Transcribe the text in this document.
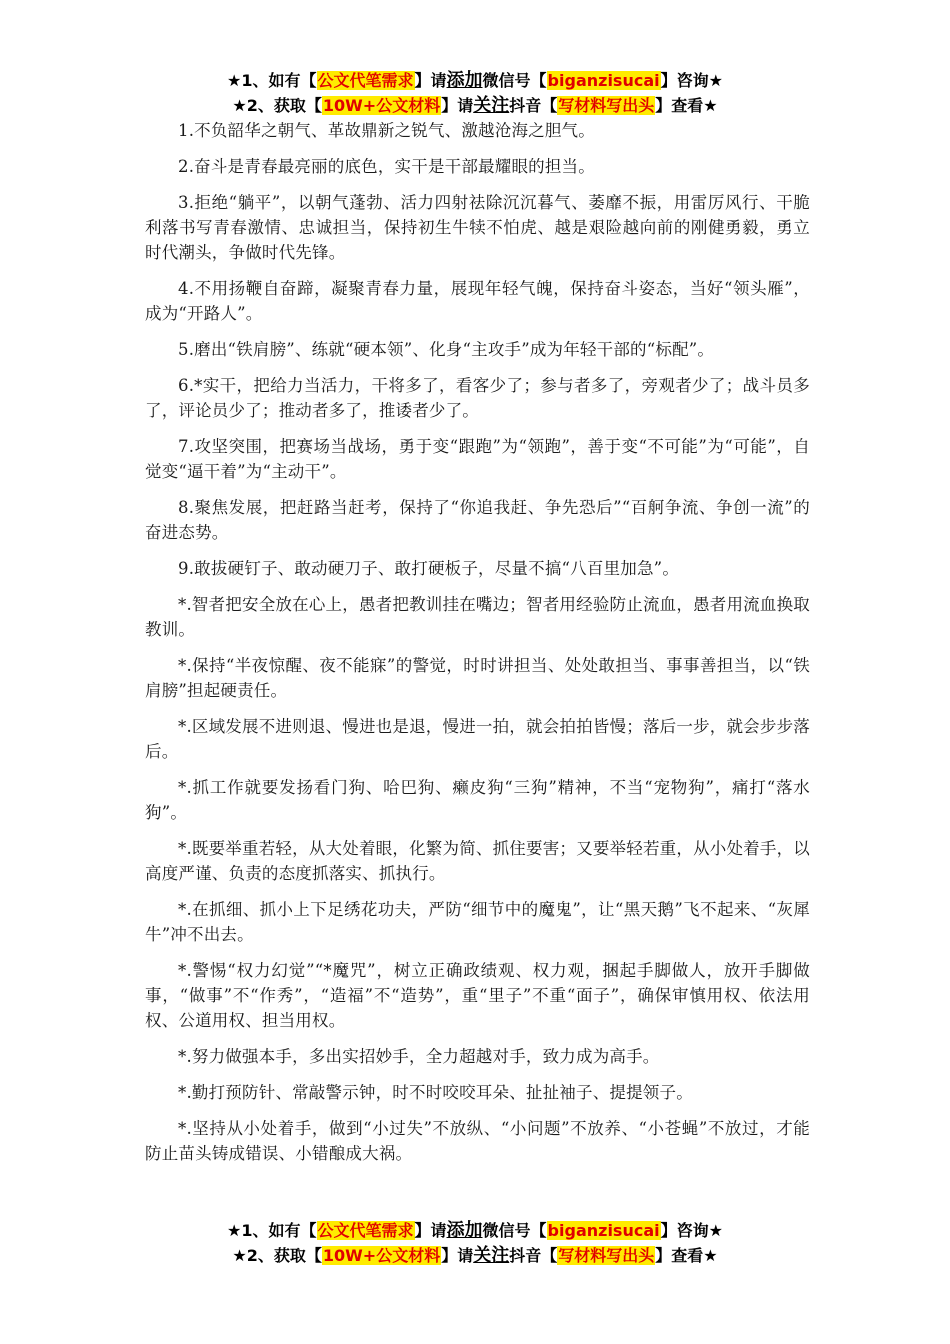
★1、如有【公文代笔需求】请添加微信号【biganzisucai】咨询★
★2、获取【10W+公文材料】请关注抖音【写材料写出头】查看★

1.不负韶华之朝气、革故鼎新之锐气、激越沧海之胆气。

2.奋斗是青春最亮丽的底色，实干是干部最耀眼的担当。

3.拒绝“躺平”，以朝气蓬勃、活力四射祛除沉沉暮气、萎靡不振，用雷厉风行、干脆利落书写青春激情、忠诚担当，保持初生牛犊不怕虎、越是艰险越向前的刚健勇毅，勇立时代潮头，争做时代先锋。

4.不用扬鞭自奋蹄，凝聚青春力量，展现年轻气魄，保持奋斗姿态，当好“领头雁”，成为“开路人”。

5.磨出“铁肩膀”、练就“硬本领”、化身“主攻手”成为年轻干部的“标配”。

6.*实干，把给力当活力，干将多了，看客少了；参与者多了，旁观者少了；战斗员多了，评论员少了；推动者多了，推诿者少了。

7.攻坚突围，把赛场当战场，勇于变“跟跑”为“领跑”，善于变“不可能”为“可能”，自觉变“逼干着”为“主动干”。

8.聚焦发展，把赶路当赶考，保持了“你追我赶、争先恐后”“百舸争流、争创一流”的奋进态势。

9.敢拔硬钉子、敢动硬刀子、敢打硬板子，尽量不搞“八百里加急”。

*.智者把安全放在心上，愚者把教训挂在嘴边；智者用经验防止流血，愚者用流血换取教训。

*.保持“半夜惊醒、夜不能寐”的警觉，时时讲担当、处处敢担当、事事善担当，以“铁肩膀”担起硬责任。

*.区域发展不进则退、慢进也是退，慢进一拍，就会拍拍皆慢；落后一步，就会步步落后。

*.抓工作就要发扬看门狗、哈巴狗、癞皮狗“三狗”精神，不当“宠物狗”，痛打“落水狗”。

*.既要举重若轻，从大处着眼，化繁为简、抓住要害；又要举轻若重，从小处着手，以高度严谨、负责的态度抓落实、抓执行。

*.在抓细、抓小上下足绣花功夫，严防“细节中的魔鬼”，让“黑天鹅”飞不起来、“灰犀牛”冲不出去。

*.警惕“权力幻觉”“*魔咒”，树立正确政绩观、权力观，捆起手脚做人，放开手脚做事，“做事”不“作秀”，“造福”不“造势”，重“里子”不重“面子”，确保审慎用权、依法用权、公道用权、担当用权。

*.努力做强本手，多出实招妙手，全力超越对手，致力成为高手。

*.勤打预防针、常敲警示钟，时不时咬咬耳朵、扯扯袖子、提提领子。

*.坚持从小处着手，做到“小过失”不放纵、“小问题”不放养、“小苍蝇”不放过，才能防止苗头铸成错误、小错酿成大祸。

★1、如有【公文代笔需求】请添加微信号【biganzisucai】咨询★
★2、获取【10W+公文材料】请关注抖音【写材料写出头】查看★
